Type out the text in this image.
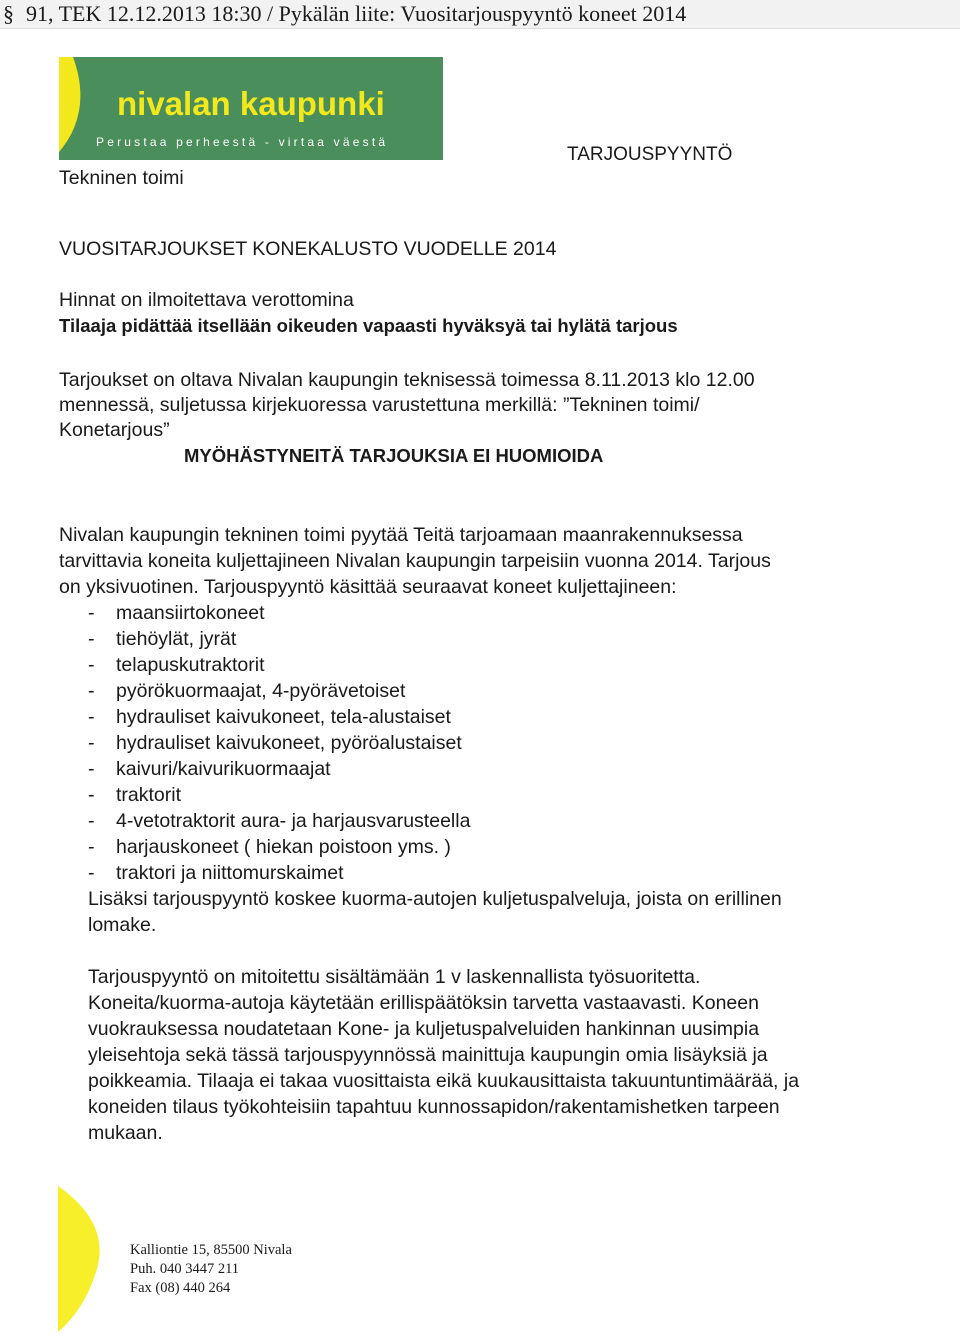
§ 91, TEK 12.12.2013 18:30 / Pykälän liite: Vuositarjouspyyntö koneet 2014
nivalan kaupunki
Perustaa perheestä - virtaa väestä
TARJOUSPYYNTÖ
Tekninen toimi
VUOSITARJOUKSET KONEKALUSTO VUODELLE 2014
Hinnat on ilmoitettava verottomina
Tilaaja pidättää itsellään oikeuden vapaasti hyväksyä tai hylätä tarjous
Tarjoukset on oltava Nivalan kaupungin teknisessä toimessa 8.11.2013 klo 12.00
mennessä, suljetussa kirjekuoressa varustettuna merkillä: ”Tekninen toimi/
Konetarjous”
MYÖHÄSTYNEITÄ TARJOUKSIA EI HUOMIOIDA
Nivalan kaupungin tekninen toimi pyytää Teitä tarjoamaan maanrakennuksessa
tarvittavia koneita kuljettajineen Nivalan kaupungin tarpeisiin vuonna 2014. Tarjous
on yksivuotinen. Tarjouspyyntö käsittää seuraavat koneet kuljettajineen:
- maansiirtokoneet
- tiehöylät, jyrät
- telapuskutraktorit
- pyörökuormaajat, 4-pyörävetoiset
- hydrauliset kaivukoneet, tela-alustaiset
- hydrauliset kaivukoneet, pyöröalustaiset
- kaivuri/kaivurikuormaajat
- traktorit
- 4-vetotraktorit aura- ja harjausvarusteella
- harjauskoneet ( hiekan poistoon yms. )
- traktori ja niittomurskaimet
Lisäksi tarjouspyyntö koskee kuorma-autojen kuljetuspalveluja, joista on erillinen
lomake.
Tarjouspyyntö on mitoitettu sisältämään 1 v laskennallista työsuoritetta.
Koneita/kuorma-autoja käytetään erillispäätöksin tarvetta vastaavasti. Koneen
vuokrauksessa noudatetaan Kone- ja kuljetuspalveluiden hankinnan uusimpia
yleisehtoja sekä tässä tarjouspyynnössä mainittuja kaupungin omia lisäyksiä ja
poikkeamia. Tilaaja ei takaa vuosittaista eikä kuukausittaista takuuntuntimäärää, ja
koneiden tilaus työkohteisiin tapahtuu kunnossapidon/rakentamishetken tarpeen
mukaan.
Kalliontie 15, 85500 Nivala
Puh. 040 3447 211
Fax (08) 440 264
